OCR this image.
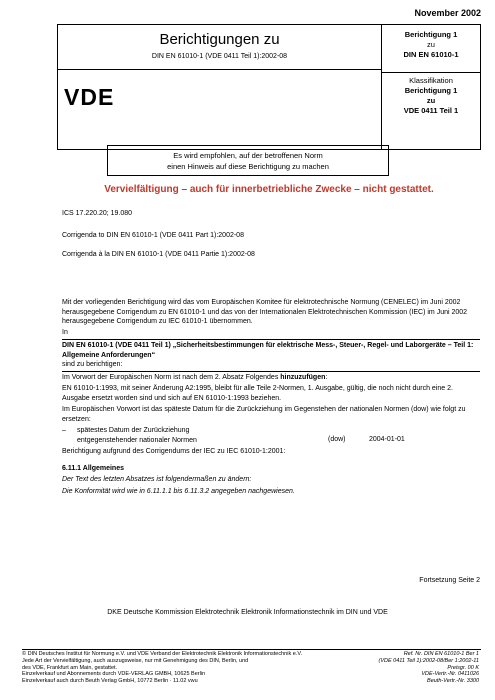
November 2002
Berichtigungen zu
DIN EN 61010-1 (VDE 0411 Teil 1):2002-08
Berichtigung 1
zu
DIN EN 61010-1
Klassifikation
Berichtigung 1
zu
VDE 0411 Teil 1
VDE
Es wird empfohlen, auf der betroffenen Norm
einen Hinweis auf diese Berichtigung zu machen
Vervielfältigung – auch für innerbetriebliche Zwecke – nicht gestattet.
ICS 17.220.20; 19.080
Corrigenda to DIN EN 61010-1 (VDE 0411 Part 1):2002-08
Corrigenda à la DIN EN 61010-1 (VDE 0411 Partie 1):2002-08
Mit der vorliegenden Berichtigung wird das vom Europäischen Komitee für elektrotechnische Normung (CENELEC) im Juni 2002 herausgegebene Corrigendum zu EN 61010-1 und das von der Internationalen Elektrotechnischen Kommission (IEC) im Juni 2002 herausgegebene Corrigendum zu IEC 61010-1 übernommen.
In
DIN EN 61010-1 (VDE 0411 Teil 1) „Sicherheitsbestimmungen für elektrische Mess-, Steuer-, Regel- und Laborgeräte – Teil 1: Allgemeine Anforderungen“
sind zu berichtigen:
Im Vorwort der Europäischen Norm ist nach dem 2. Absatz Folgendes hinzuzufügen:
EN 61010-1:1993, mit seiner Änderung A2:1995, bleibt für alle Teile 2-Normen, 1. Ausgabe, gültig, die noch nicht durch eine 2. Ausgabe ersetzt worden sind und sich auf EN 61010-1:1993 beziehen.
Im Europäischen Vorwort ist das späteste Datum für die Zurückziehung im Gegenstehen der nationalen Normen (dow) wie folgt zu ersetzen:
– spätestes Datum der Zurückziehung
entgegenstehender nationaler Normen	(dow)	2004-01-01
Berichtigung aufgrund des Corrigendums der IEC zu IEC 61010-1:2001:
6.11.1 Allgemeines
Der Text des letzten Absatzes ist folgendermaßen zu ändern:
Die Konformität wird wie in 6.11.1.1 bis 6.11.3.2 angegeben nachgewiesen.
Fortsetzung Seite 2
DKE Deutsche Kommission Elektrotechnik Elektronik Informationstechnik im DIN und VDE
© DIN Deutsches Institut für Normung e.V. und VDE Verband der Elektrotechnik Elektronik Informationstechnik e.V.
Jede Art der Vervielfältigung, auch auszugsweise, nur mit Genehmigung des DIN, Berlin, und
des VDE, Frankfurt am Main, gestattet.
Einzelverkauf und Abonnements durch VDE-VERLAG GMBH, 10625 Berlin
Einzelverkauf auch durch Beuth Verlag GmbH, 10772 Berlin · 11.02 vwu
Ref. Nr. DIN EN 61010-1 Ber 1
(VDE 0411 Teil 1):2002-08/Ber 1:2002-11
Preisgr. 00 K
VDE-Vertr.-Nr. 0411026
Beuth-Vertr.-Nr. 3300
